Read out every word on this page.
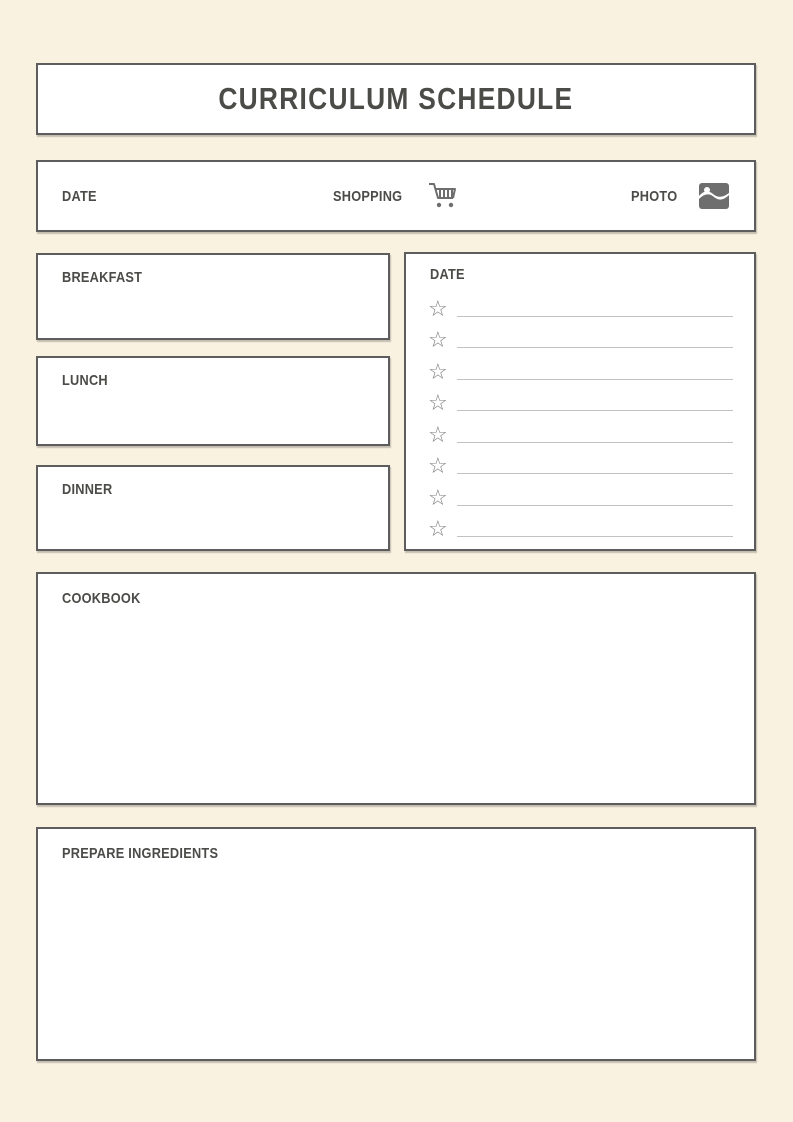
CURRICULUM SCHEDULE
DATE	SHOPPING	PHOTO
BREAKFAST
LUNCH
DINNER
DATE
☆
☆
☆
☆
☆
☆
☆
☆
COOKBOOK
PREPARE INGREDIENTS
